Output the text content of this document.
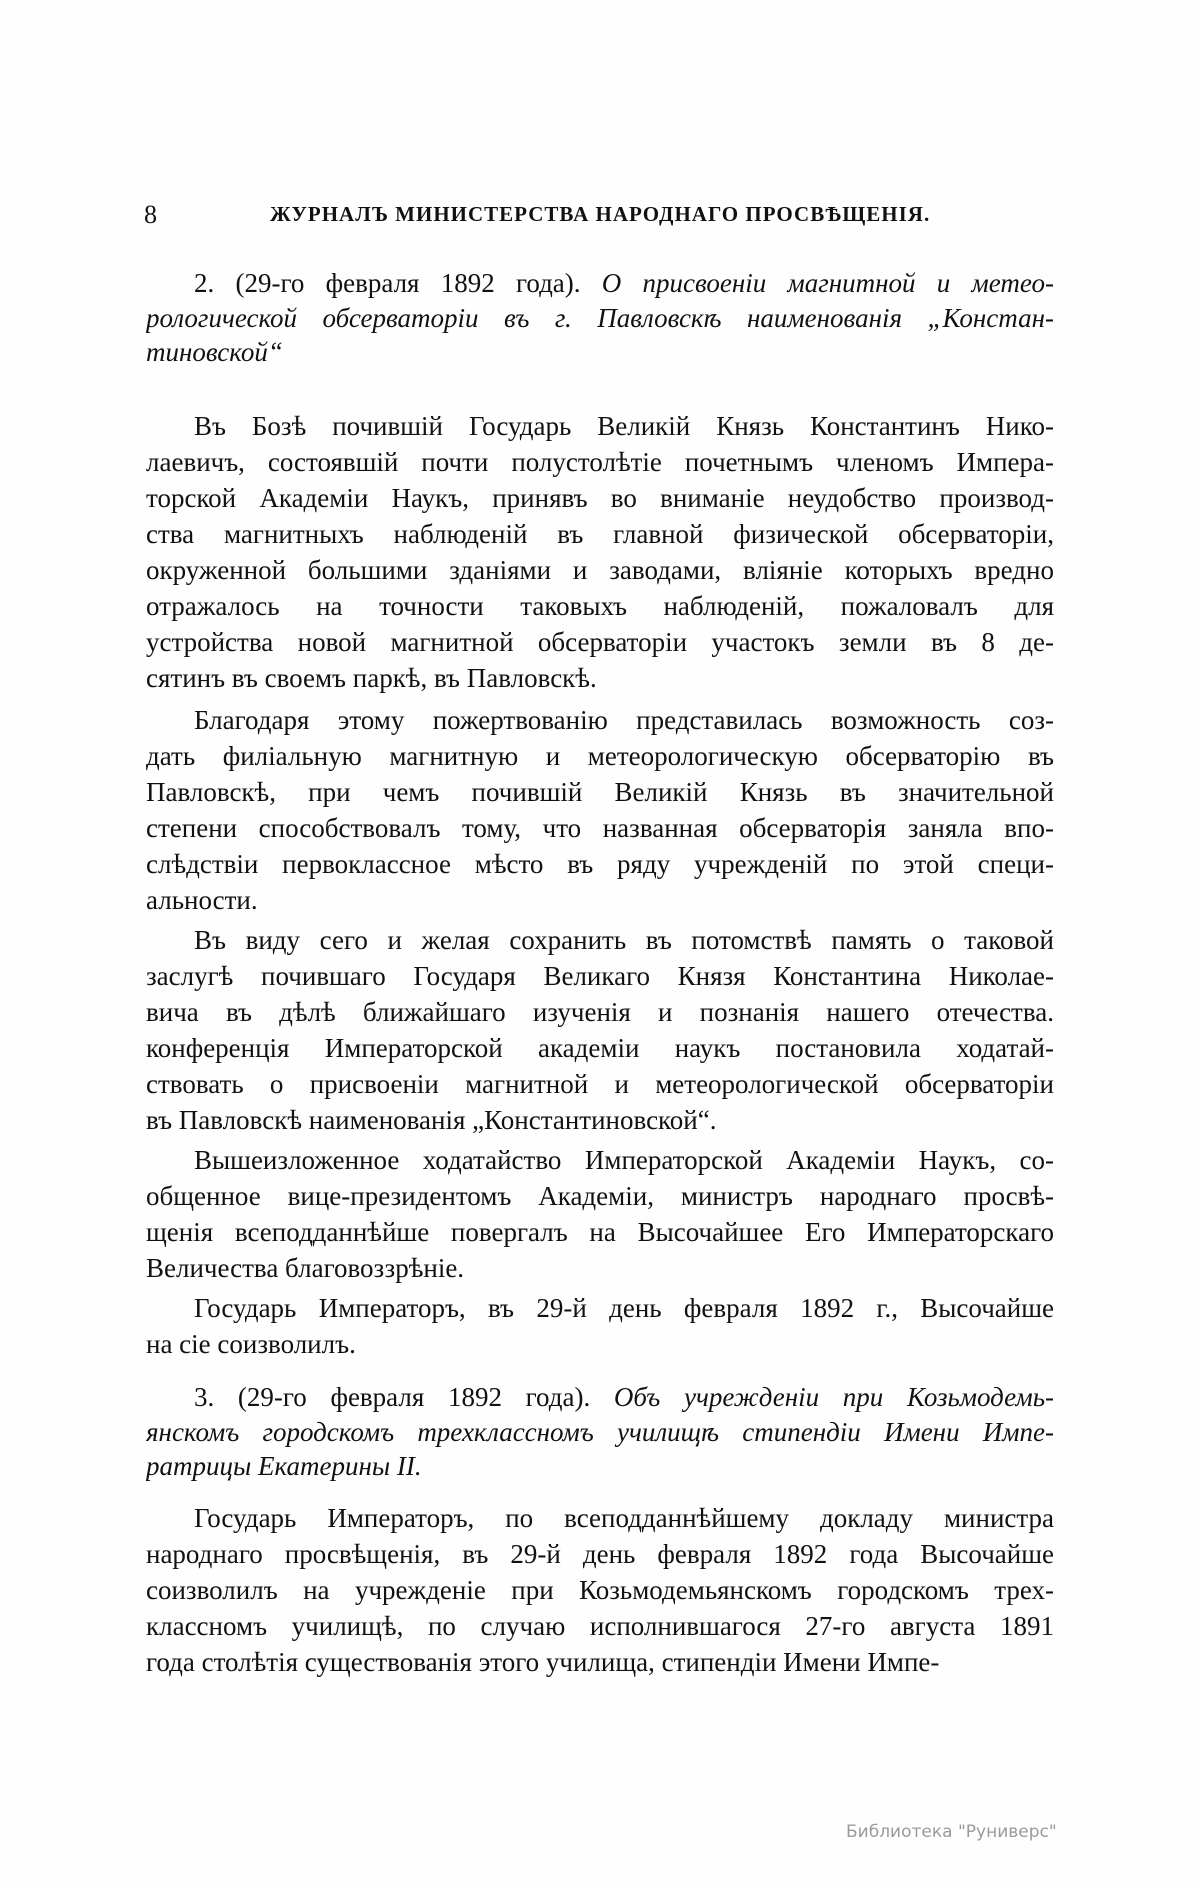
8	ЖУРНАЛЪ МИНИСТЕРСТВА НАРОДНАГО ПРОСВѢЩЕНІЯ.
2. (29-го февраля 1892 года). О присвоеніи магнитной и метео-
рологической обсерваторіи въ г. Павловскѣ наименованія „Констан-
тиновской“
Въ Бозѣ почившій Государь Великій Князь Константинъ Нико-
лаевичъ, состоявшій почти полустолѣтіе почетнымъ членомъ Импера-
торской Академіи Наукъ, принявъ во вниманіе неудобство производ-
ства магнитныхъ наблюденій въ главной физической обсерваторіи,
окруженной большими зданіями и заводами, вліяніе которыхъ вредно
отражалось на точности таковыхъ наблюденій, пожаловалъ для
устройства новой магнитной обсерваторіи участокъ земли въ 8 де-
сятинъ въ своемъ паркѣ, въ Павловскѣ.
Благодаря этому пожертвованію представилась возможность соз-
дать филіальную магнитную и метеорологическую обсерваторію въ
Павловскѣ, при чемъ почившій Великій Князь въ значительной
степени способствовалъ тому, что названная обсерваторія заняла впо-
слѣдствіи первоклассное мѣсто въ ряду учрежденій по этой специ-
альности.
Въ виду сего и желая сохранить въ потомствѣ память о таковой
заслугѣ почившаго Государя Великаго Князя Константина Николае-
вича въ дѣлѣ ближайшаго изученія и познанія нашего отечества.
конференція Императорской академіи наукъ постановила ходатай-
ствовать о присвоеніи магнитной и метеорологической обсерваторіи
въ Павловскѣ наименованія „Константиновской“.
Вышеизложенное ходатайство Императорской Академіи Наукъ, со-
общенное вице-президентомъ Академіи, министръ народнаго просвѣ-
щенія всеподданнѣйше повергалъ на Высочайшее Его Императорскаго
Величества благовоззрѣніе.
Государь Императоръ, въ 29-й день февраля 1892 г., Высочайше
на сіе соизволилъ.
3. (29-го февраля 1892 года). Объ учрежденіи при Козьмодемь-
янскомъ городскомъ трехклассномъ училищѣ стипендіи Имени Импе-
ратрицы Екатерины II.
Государь Императоръ, по всеподданнѣйшему докладу министра
народнаго просвѣщенія, въ 29-й день февраля 1892 года Высочайше
соизволилъ на учрежденіе при Козьмодемьянскомъ городскомъ трех-
классномъ училищѣ, по случаю исполнившагося 27-го августа 1891
года столѣтія существованія этого училища, стипендіи Имени Импе-
Библиотека "Руниверс"
